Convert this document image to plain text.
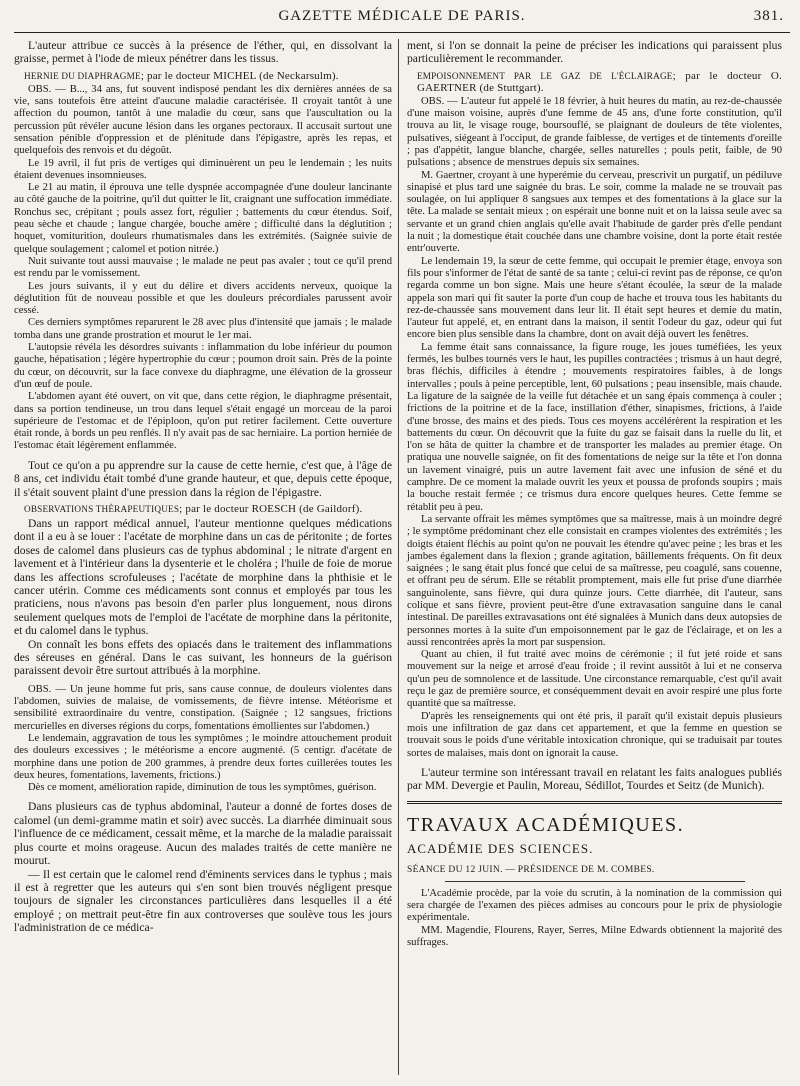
GAZETTE MÉDICALE DE PARIS.	381.

L'auteur attribue ce succès à la présence de l'éther, qui, en dissolvant la graisse, permet à l'iode de mieux pénétrer dans les tissus.

HERNIE DU DIAPHRAGME; par le docteur MICHEL (de Neckarsulm).

OBS. — B..., 34 ans, fut souvent indisposé pendant les dix dernières années de sa vie, sans toutefois être atteint d'aucune maladie caractérisée. Il croyait tantôt à une affection du poumon, tantôt à une maladie du cœur, sans que l'auscultation ou la percussion pût révéler aucune lésion dans les organes pectoraux. Il accusait surtout une sensation pénible d'oppression et de plénitude dans l'épigastre, après les repas, et quelquefois des renvois et du dégoût.

Le 19 avril, il fut pris de vertiges qui diminuèrent un peu le lendemain ; les nuits étaient devenues insomnieuses.

Le 21 au matin, il éprouva une telle dyspnée accompagnée d'une douleur lancinante au côté gauche de la poitrine, qu'il dut quitter le lit, craignant une suffocation immédiate. Ronchus sec, crépitant ; pouls assez fort, régulier ; battements du cœur étendus. Soif, peau sèche et chaude ; langue chargée, bouche amère ; difficulté dans la déglutition ; hoquet, vomiturition, douleurs rhumatismales dans les extrémités. (Saignée suivie de quelque soulagement ; calomel et potion nitrée.)

Nuit suivante tout aussi mauvaise ; le malade ne peut pas avaler ; tout ce qu'il prend est rendu par le vomissement.

Les jours suivants, il y eut du délire et divers accidents nerveux, quoique la déglutition fût de nouveau possible et que les douleurs précordiales parussent avoir cessé.

Ces derniers symptômes reparurent le 28 avec plus d'intensité que jamais ; le malade tomba dans une grande prostration et mourut le 1er mai.

L'autopsie révéla les désordres suivants : inflammation du lobe inférieur du poumon gauche, hépatisation ; légère hypertrophie du cœur ; poumon droit sain. Près de la pointe du cœur, on découvrit, sur la face convexe du diaphragme, une élévation de la grosseur d'un œuf de poule.

L'abdomen ayant été ouvert, on vit que, dans cette région, le diaphragme présentait, dans sa portion tendineuse, un trou dans lequel s'était engagé un morceau de la paroi supérieure de l'estomac et de l'épiploon, qu'on put retirer facilement. Cette ouverture était ronde, à bords un peu renflés. Il n'y avait pas de sac herniaire. La portion herniée de l'estomac était légèrement enflammée.

Tout ce qu'on a pu apprendre sur la cause de cette hernie, c'est que, à l'âge de 8 ans, cet individu était tombé d'une grande hauteur, et que, depuis cette époque, il s'était souvent plaint d'une pression dans la région de l'épigastre.

OBSERVATIONS THÉRAPEUTIQUES; par le docteur ROESCH (de Gaildorf).

Dans un rapport médical annuel, l'auteur mentionne quelques médications dont il a eu à se louer : l'acétate de morphine dans un cas de péritonite ; de fortes doses de calomel dans plusieurs cas de typhus abdominal ; le nitrate d'argent en lavement et à l'intérieur dans la dysenterie et le choléra ; l'huile de foie de morue dans les affections scrofuleuses ; l'acétate de morphine dans la phthisie et le cancer utérin. Comme ces médicaments sont connus et employés par tous les praticiens, nous n'avons pas besoin d'en parler plus longuement, nous dirons seulement quelques mots de l'emploi de l'acétate de morphine dans la péritonite, et du calomel dans le typhus.

On connaît les bons effets des opiacés dans le traitement des inflammations des séreuses en général. Dans le cas suivant, les honneurs de la guérison paraissent devoir être surtout attribués à la morphine.

OBS. — Un jeune homme fut pris, sans cause connue, de douleurs violentes dans l'abdomen, suivies de malaise, de vomissements, de fièvre intense. Météorisme et sensibilité extraordinaire du ventre, constipation. (Saignée ; 12 sangsues, frictions mercurielles en diverses régions du corps, fomentations émollientes sur l'abdomen.)

Le lendemain, aggravation de tous les symptômes ; le moindre attouchement produit des douleurs excessives ; le météorisme a encore augmenté. (5 centigr. d'acétate de morphine dans une potion de 200 grammes, à prendre deux fortes cuillerées toutes les deux heures, fomentations, lavements, frictions.)

Dès ce moment, amélioration rapide, diminution de tous les symptômes, guérison.

Dans plusieurs cas de typhus abdominal, l'auteur a donné de fortes doses de calomel (un demi-gramme matin et soir) avec succès. La diarrhée diminuait sous l'influence de ce médicament, cessait même, et la marche de la maladie paraissait plus courte et moins orageuse. Aucun des malades traités de cette manière ne mourut.

— Il est certain que le calomel rend d'éminents services dans le typhus ; mais il est à regretter que les auteurs qui s'en sont bien trouvés négligent presque toujours de signaler les circonstances particulières dans lesquelles il a été employé ; on mettrait peut-être fin aux controverses que soulève tous les jours l'administration de ce médica-

ment, si l'on se donnait la peine de préciser les indications qui paraissent plus particulièrement le recommander.

EMPOISONNEMENT PAR LE GAZ DE L'ÉCLAIRAGE; par le docteur O. GAERTNER (de Stuttgart).

OBS. — L'auteur fut appelé le 18 février, à huit heures du matin, au rez-de-chaussée d'une maison voisine, auprès d'une femme de 45 ans, d'une forte constitution, qu'il trouva au lit, le visage rouge, boursouflé, se plaignant de douleurs de tête violentes, pulsatives, siégeant à l'occiput, de grande faiblesse, de vertiges et de tintements d'oreille ; pas d'appétit, langue blanche, chargée, selles naturelles ; pouls petit, faible, de 90 pulsations ; absence de menstrues depuis six semaines.

M. Gaertner, croyant à une hyperémie du cerveau, prescrivit un purgatif, un pédiluve sinapisé et plus tard une saignée du bras. Le soir, comme la malade ne se trouvait pas soulagée, on lui appliquer 8 sangsues aux tempes et des fomentations à la glace sur la tête. La malade se sentait mieux ; on espérait une bonne nuit et on la laissa seule avec sa servante et un grand chien anglais qu'elle avait l'habitude de garder près d'elle pendant la nuit ; la domestique était couchée dans une chambre voisine, dont la porte était restée entr'ouverte.

Le lendemain 19, la sœur de cette femme, qui occupait le premier étage, envoya son fils pour s'informer de l'état de santé de sa tante ; celui-ci revint pas de réponse, ce qu'on regarda comme un bon signe. Mais une heure s'étant écoulée, la sœur de la malade appela son mari qui fit sauter la porte d'un coup de hache et trouva tous les habitants du rez-de-chaussée sans mouvement dans leur lit. Il était sept heures et demie du matin, l'auteur fut appelé, et, en entrant dans la maison, il sentit l'odeur du gaz, odeur qui fut encore bien plus sensible dans la chambre, dont on avait déjà ouvert les fenêtres.

La femme était sans connaissance, la figure rouge, les joues tuméfiées, les yeux fermés, les bulbes tournés vers le haut, les pupilles contractées ; trismus à un haut degré, bras fléchis, difficiles à étendre ; mouvements respiratoires faibles, à de longs intervalles ; pouls à peine perceptible, lent, 60 pulsations ; peau insensible, mais chaude. La ligature de la saignée de la veille fut détachée et un sang épais commença à couler ; frictions de la poitrine et de la face, instillation d'éther, sinapismes, frictions, à l'aide d'une brosse, des mains et des pieds. Tous ces moyens accélérèrent la respiration et les battements du cœur. On découvrit que la fuite du gaz se faisait dans la ruelle du lit, et l'on se hâta de quitter la chambre et de transporter les malades au premier étage. On pratiqua une nouvelle saignée, on fit des fomentations de neige sur la tête et l'on donna un lavement vinaigré, puis un autre lavement fait avec une infusion de séné et du camphre. De ce moment la malade ouvrit les yeux et poussa de profonds soupirs ; mais la bouche restait fermée ; ce trismus dura encore quelques heures. Cette femme se rétablit peu à peu.

La servante offrait les mêmes symptômes que sa maîtresse, mais à un moindre degré ; le symptôme prédominant chez elle consistait en crampes violentes des extrémités ; les doigts étaient fléchis au point qu'on ne pouvait les étendre qu'avec peine ; les bras et les jambes également dans la flexion ; grande agitation, bâillements fréquents. On fit deux saignées ; le sang était plus foncé que celui de sa maîtresse, peu coagulé, sans couenne, et offrant peu de sérum. Elle se rétablit promptement, mais elle fut prise d'une diarrhée sanguinolente, sans fièvre, qui dura quinze jours. Cette diarrhée, dit l'auteur, sans colique et sans fièvre, provient peut-être d'une extravasation sanguine dans le canal intestinal. De pareilles extravasations ont été signalées à Munich dans deux autopsies de personnes mortes à la suite d'un empoisonnement par le gaz de l'éclairage, et on les a aussi rencontrées après la mort par suspension.

Quant au chien, il fut traité avec moins de cérémonie ; il fut jeté roide et sans mouvement sur la neige et arrosé d'eau froide ; il revint aussitôt à lui et ne conserva qu'un peu de somnolence et de lassitude. Une circonstance remarquable, c'est qu'il avait reçu le gaz de première source, et conséquemment devait en avoir respiré une plus forte quantité que sa maîtresse.

D'après les renseignements qui ont été pris, il paraît qu'il existait depuis plusieurs mois une infiltration de gaz dans cet appartement, et que la femme en question se trouvait sous le poids d'une véritable intoxication chronique, qui se traduisait par toutes sortes de malaises, mais dont on ignorait la cause.

L'auteur termine son intéressant travail en relatant les faits analogues publiés par MM. Devergie et Paulin, Moreau, Sédillot, Tourdes et Seitz (de Munich).

TRAVAUX ACADÉMIQUES.

ACADÉMIE DES SCIENCES.

SÉANCE DU 12 JUIN. — PRÉSIDENCE DE M. COMBES.

L'Académie procède, par la voie du scrutin, à la nomination de la commission qui sera chargée de l'examen des pièces admises au concours pour le prix de physiologie expérimentale.

MM. Magendie, Flourens, Rayer, Serres, Milne Edwards obtiennent la majorité des suffrages.
